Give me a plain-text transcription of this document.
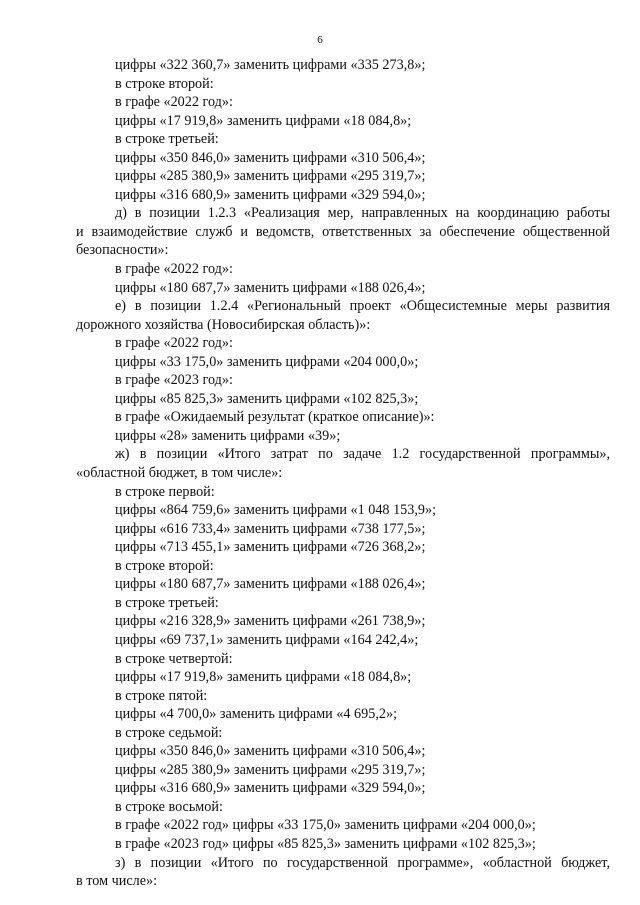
6
цифры «322 360,7» заменить цифрами «335 273,8»;
в строке второй:
в графе «2022 год»:
цифры «17 919,8» заменить цифрами «18 084,8»;
в строке третьей:
цифры «350 846,0» заменить цифрами «310 506,4»;
цифры «285 380,9» заменить цифрами «295 319,7»;
цифры «316 680,9» заменить цифрами «329 594,0»;
д) в позиции 1.2.3 «Реализация мер, направленных на координацию работы
и взаимодействие служб и ведомств, ответственных за обеспечение общественной
безопасности»:
в графе «2022 год»:
цифры «180 687,7» заменить цифрами «188 026,4»;
е) в позиции 1.2.4 «Региональный проект «Общесистемные меры развития
дорожного хозяйства (Новосибирская область)»:
в графе «2022 год»:
цифры «33 175,0» заменить цифрами «204 000,0»;
в графе «2023 год»:
цифры «85 825,3» заменить цифрами «102 825,3»;
в графе «Ожидаемый результат (краткое описание)»:
цифры «28» заменить цифрами «39»;
ж) в позиции «Итого затрат по задаче 1.2 государственной программы»,
«областной бюджет, в том числе»:
в строке первой:
цифры «864 759,6» заменить цифрами «1 048 153,9»;
цифры «616 733,4» заменить цифрами «738 177,5»;
цифры «713 455,1» заменить цифрами «726 368,2»;
в строке второй:
цифры «180 687,7» заменить цифрами «188 026,4»;
в строке третьей:
цифры «216 328,9» заменить цифрами «261 738,9»;
цифры «69 737,1» заменить цифрами «164 242,4»;
в строке четвертой:
цифры «17 919,8» заменить цифрами «18 084,8»;
в строке пятой:
цифры «4 700,0» заменить цифрами «4 695,2»;
в строке седьмой:
цифры «350 846,0» заменить цифрами «310 506,4»;
цифры «285 380,9» заменить цифрами «295 319,7»;
цифры «316 680,9» заменить цифрами «329 594,0»;
в строке восьмой:
в графе «2022 год» цифры «33 175,0» заменить цифрами «204 000,0»;
в графе «2023 год» цифры «85 825,3» заменить цифрами «102 825,3»;
з) в позиции «Итого по государственной программе», «областной бюджет,
в том числе»:
